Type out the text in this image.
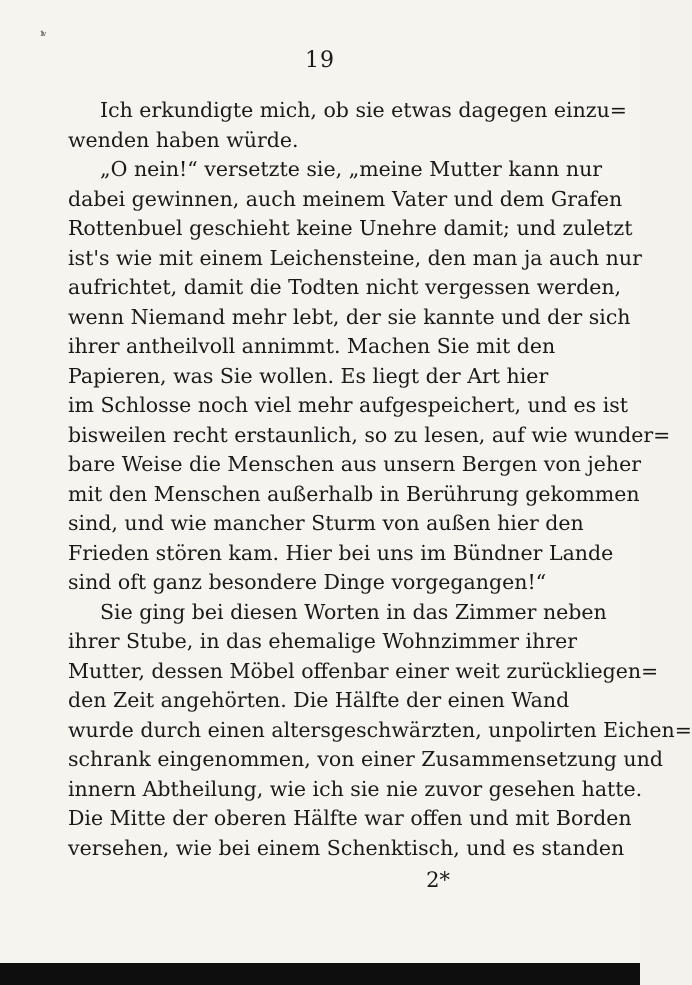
¹ͮ
19
Ich erkundigte mich, ob sie etwas dagegen einzu=
wenden haben würde.
„O nein!“ versetzte sie, „meine Mutter kann nur
dabei gewinnen, auch meinem Vater und dem Grafen
Rottenbuel geschieht keine Unehre damit; und zuletzt
ist's wie mit einem Leichensteine, den man ja auch nur
aufrichtet, damit die Todten nicht vergessen werden,
wenn Niemand mehr lebt, der sie kannte und der sich
ihrer antheilvoll annimmt. Machen Sie mit den
Papieren, was Sie wollen. Es liegt der Art hier
im Schlosse noch viel mehr aufgespeichert, und es ist
bisweilen recht erstaunlich, so zu lesen, auf wie wunder=
bare Weise die Menschen aus unsern Bergen von jeher
mit den Menschen außerhalb in Berührung gekommen
sind, und wie mancher Sturm von außen hier den
Frieden stören kam. Hier bei uns im Bündner Lande
sind oft ganz besondere Dinge vorgegangen!“
Sie ging bei diesen Worten in das Zimmer neben
ihrer Stube, in das ehemalige Wohnzimmer ihrer
Mutter, dessen Möbel offenbar einer weit zurückliegen=
den Zeit angehörten. Die Hälfte der einen Wand
wurde durch einen altersgeschwärzten, unpolirten Eichen=
schrank eingenommen, von einer Zusammensetzung und
innern Abtheilung, wie ich sie nie zuvor gesehen hatte.
Die Mitte der oberen Hälfte war offen und mit Borden
versehen, wie bei einem Schenktisch, und es standen
2*
